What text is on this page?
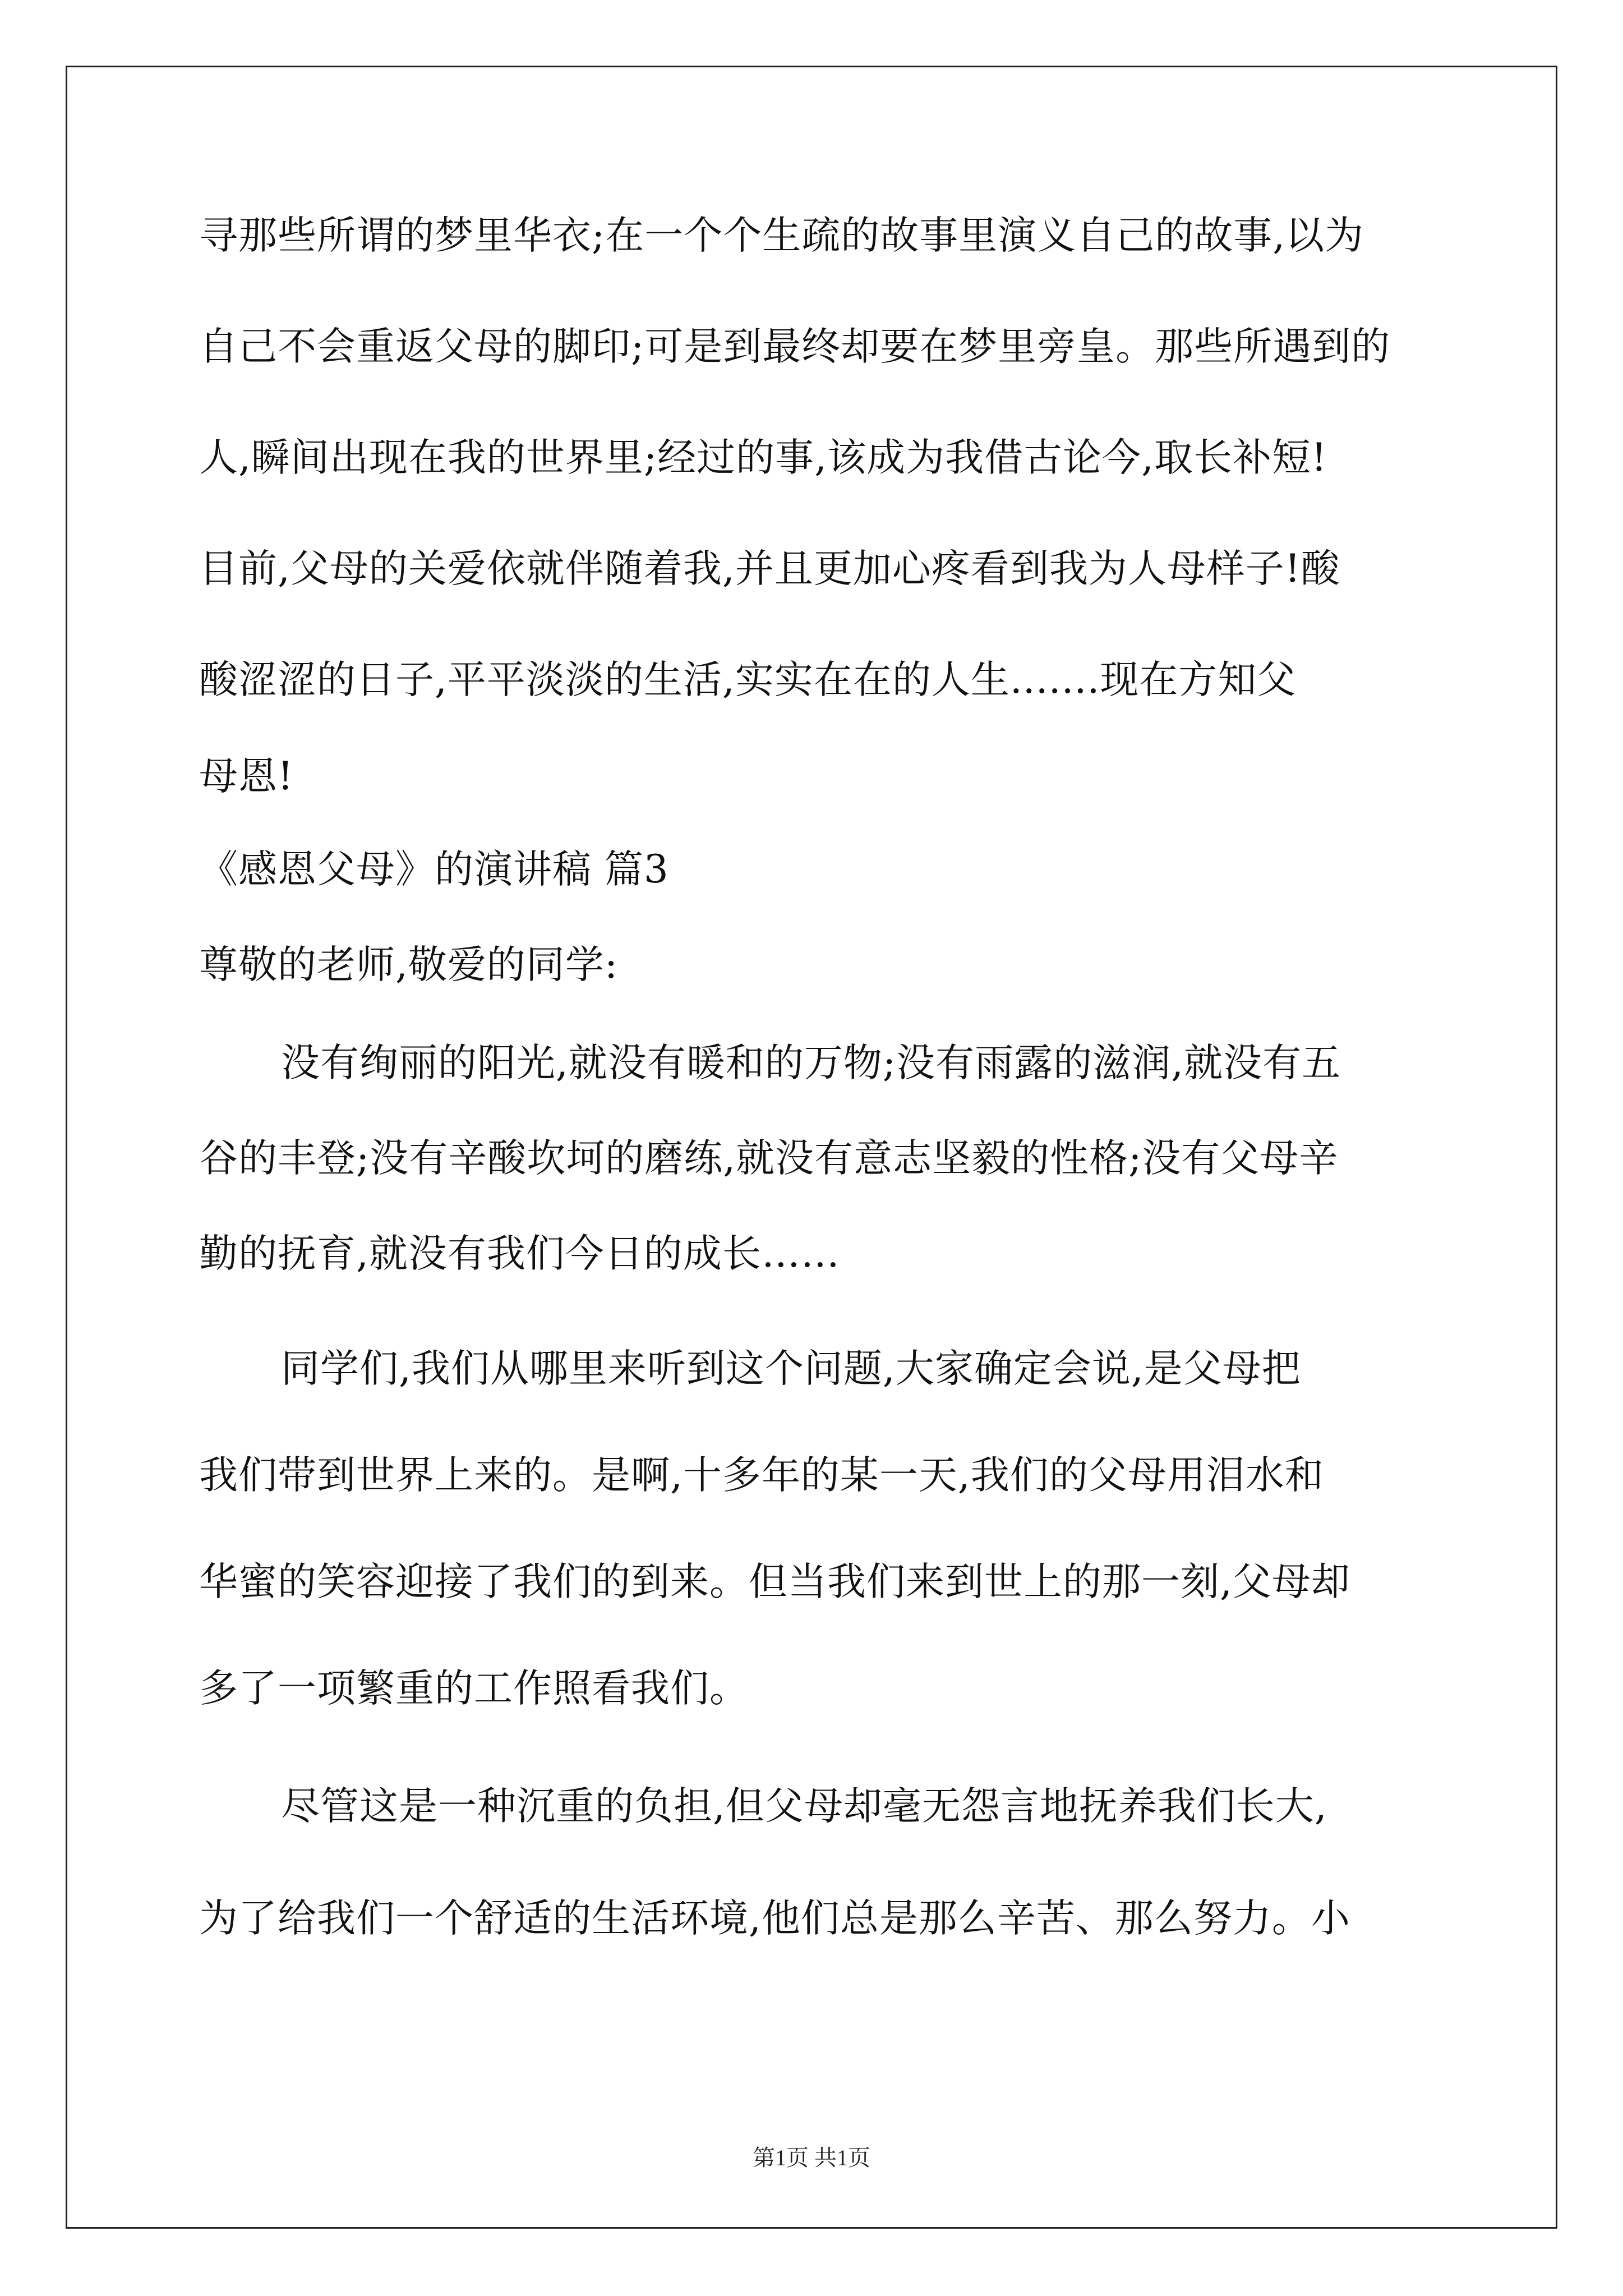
寻那些所谓的梦里华衣;在一个个生疏的故事里演义自己的故事,以为
自己不会重返父母的脚印;可是到最终却要在梦里旁皇。那些所遇到的
人,瞬间出现在我的世界里;经过的事,该成为我借古论今,取长补短!
目前,父母的关爱依就伴随着我,并且更加心疼看到我为人母样子!酸
酸涩涩的日子,平平淡淡的生活,实实在在的人生.......现在方知父
母恩!
《感恩父母》的演讲稿 篇3
尊敬的老师,敬爱的同学:
没有绚丽的阳光,就没有暖和的万物;没有雨露的滋润,就没有五
谷的丰登;没有辛酸坎坷的磨练,就没有意志坚毅的性格;没有父母辛
勤的抚育,就没有我们今日的成长……
同学们,我们从哪里来听到这个问题,大家确定会说,是父母把
我们带到世界上来的。是啊,十多年的某一天,我们的父母用泪水和
华蜜的笑容迎接了我们的到来。但当我们来到世上的那一刻,父母却
多了一项繁重的工作照看我们。
尽管这是一种沉重的负担,但父母却毫无怨言地抚养我们长大,
为了给我们一个舒适的生活环境,他们总是那么辛苦、那么努力。小
第1页 共1页
